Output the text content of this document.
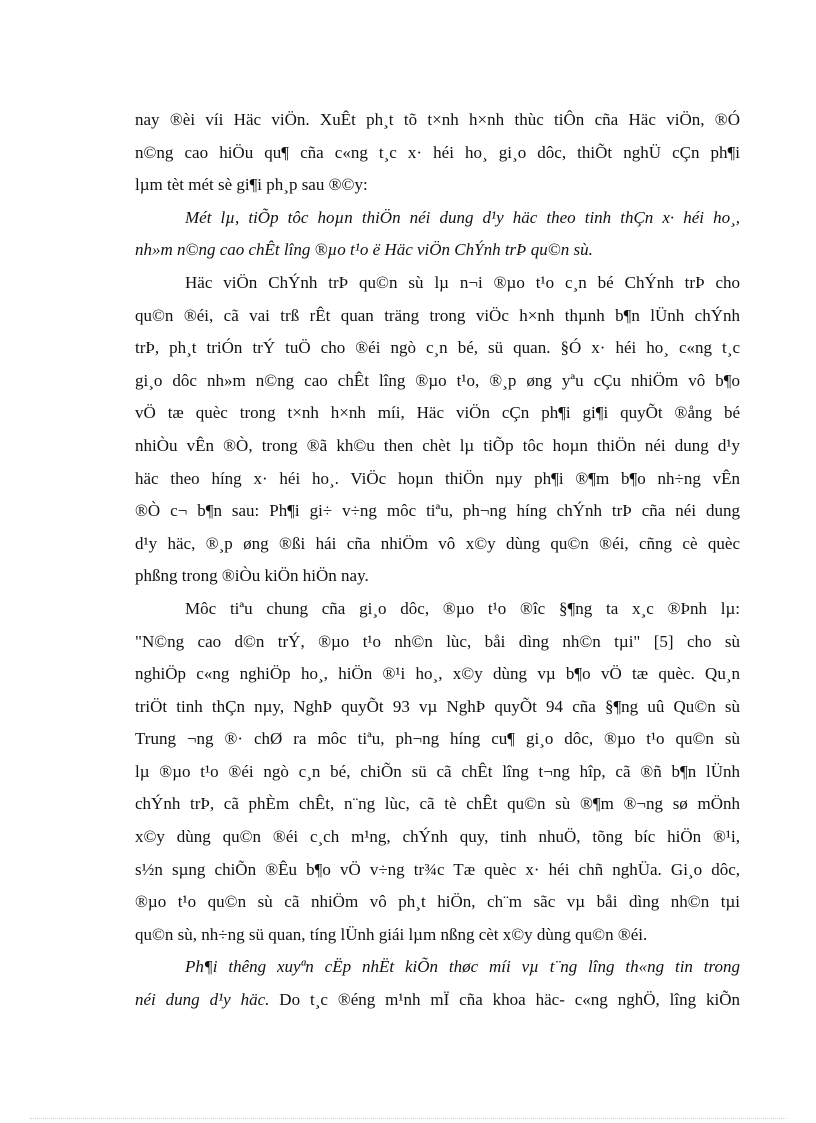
nay ®èi víi Häc viÖn. XuÊt ph¸t tõ t×nh h×nh thùc tiÔn cña Häc viÖn, ®Ó
n©ng cao hiÖu qu¶ cña c«ng t¸c x· héi ho¸ gi¸o dôc, thiÕt nghÜ cÇn ph¶i
lµm tèt mét sè gi¶i ph¸p sau ®©y:
Mét lµ, tiÕp tôc hoµn thiÖn néi dung d¹y häc theo tinh thÇn x· héi ho¸,
nh»m n©ng cao chÊt lîng ®µo t¹o ë Häc viÖn ChÝnh trÞ qu©n sù.
Häc viÖn ChÝnh trÞ qu©n sù lµ n¬i ®µo t¹o c¸n bé ChÝnh trÞ cho
qu©n ®éi, cã vai trß rÊt quan träng trong viÖc h×nh thµnh b¶n lÜnh chÝnh
trÞ, ph¸t triÓn trÝ tuÖ cho ®éi ngò c¸n bé, sü quan. §Ó x· héi ho¸ c«ng t¸c
gi¸o dôc nh»m n©ng cao chÊt lîng ®µo t¹o, ®¸p øng yªu cÇu nhiÖm vô b¶o
vÖ tæ quèc trong t×nh h×nh míi, Häc viÖn cÇn ph¶i gi¶i quyÕt ®ång bé
nhiÒu vÊn ®Ò, trong ®ã kh©u then chèt lµ tiÕp tôc hoµn thiÖn néi dung d¹y
häc theo híng x· héi ho¸. ViÖc hoµn thiÖn nµy ph¶i ®¶m b¶o nh÷ng vÊn
®Ò c¬ b¶n sau: Ph¶i gi÷ v÷ng môc tiªu, ph¬ng híng chÝnh trÞ cña néi dung
d¹y häc, ®¸p øng ®ßi hái cña nhiÖm vô x©y dùng qu©n ®éi, cñng cè quèc
phßng trong ®iÒu kiÖn hiÖn nay.
Môc tiªu chung cña gi¸o dôc, ®µo t¹o ®îc §¶ng ta x¸c ®Þnh lµ:
"N©ng cao d©n trÝ, ®µo t¹o nh©n lùc, båi dìng nh©n tµi" [5] cho sù
nghiÖp c«ng nghiÖp ho¸, hiÖn ®¹i ho¸, x©y dùng vµ b¶o vÖ tæ quèc. Qu¸n
triÖt tinh thÇn nµy, NghÞ quyÕt 93 vµ NghÞ quyÕt 94 cña §¶ng uû Qu©n sù
Trung ¬ng ®· chØ ra môc tiªu, ph¬ng híng cu¶ gi¸o dôc, ®µo t¹o qu©n sù
lµ ®µo t¹o ®éi ngò c¸n bé, chiÕn sü cã chÊt lîng t¬ng hîp, cã ®ñ b¶n lÜnh
chÝnh trÞ, cã phÈm chÊt, n¨ng lùc, cã tè chÊt qu©n sù ®¶m ®¬ng sø mÖnh
x©y dùng qu©n ®éi c¸ch m¹ng, chÝnh quy, tinh nhuÖ, tõng bíc hiÖn ®¹i,
s½n sµng chiÕn ®Êu b¶o vÖ v÷ng tr¾c Tæ quèc x· héi chñ nghÜa. Gi¸o dôc,
®µo t¹o qu©n sù cã nhiÖm vô ph¸t hiÖn, ch¨m sãc vµ båi dìng nh©n tµi
qu©n sù, nh÷ng sü quan, tíng lÜnh giái lµm nßng cèt x©y dùng qu©n ®éi.
Ph¶i thêng xuyªn cËp nhËt kiÕn thøc míi vµ t¨ng lîng th«ng tin trong
néi dung d¹y häc. Do t¸c ®éng m¹nh mÏ cña khoa häc- c«ng nghÖ, lîng kiÕn
